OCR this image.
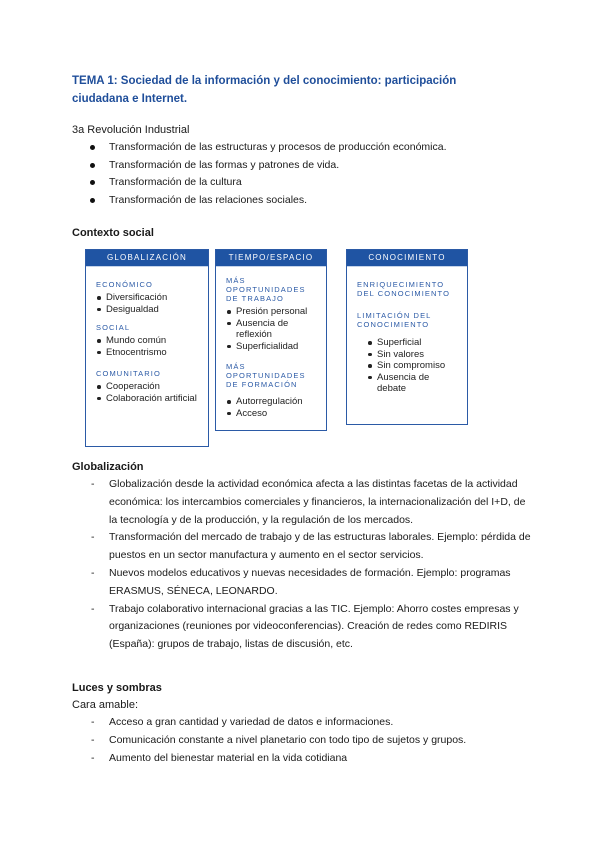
TEMA 1: Sociedad de la información y del conocimiento: participación ciudadana e Internet.
3a Revolución Industrial
Transformación de las estructuras y procesos de producción económica.
Transformación de las formas y patrones de vida.
Transformación de la cultura
Transformación de las relaciones sociales.
Contexto social
GLOBALIZACIÓN
ECONÓMICO
Diversificación
Desigualdad
SOCIAL
Mundo común
Etnocentrismo
COMUNITARIO
Cooperación
Colaboración artificial
TIEMPO/ESPACIO
MÁS OPORTUNIDADES DE TRABAJO
Presión personal
Ausencia de reflexión
Superficialidad
MÁS OPORTUNIDADES DE FORMACIÓN
Autorregulación
Acceso
CONOCIMIENTO
ENRIQUECIMIENTO DEL CONOCIMIENTO
LIMITACIÓN DEL CONOCIMIENTO
Superficial
Sin valores
Sin compromiso
Ausencia de debate
Globalización
- Globalización desde la actividad económica afecta a las distintas facetas de la actividad económica: los intercambios comerciales y financieros, la internacionalización del I+D, de la tecnología y de la producción, y la regulación de los mercados.
- Transformación del mercado de trabajo y de las estructuras laborales. Ejemplo: pérdida de puestos en un sector manufactura y aumento en el sector servicios.
- Nuevos modelos educativos y nuevas necesidades de formación. Ejemplo: programas ERASMUS, SÉNECA, LEONARDO.
- Trabajo colaborativo internacional gracias a las TIC. Ejemplo: Ahorro costes empresas y organizaciones (reuniones por videoconferencias). Creación de redes como REDIRIS (España): grupos de trabajo, listas de discusión, etc.
Luces y sombras
Cara amable:
- Acceso a gran cantidad y variedad de datos e informaciones.
- Comunicación constante a nivel planetario con todo tipo de sujetos y grupos.
- Aumento del bienestar material en la vida cotidiana
